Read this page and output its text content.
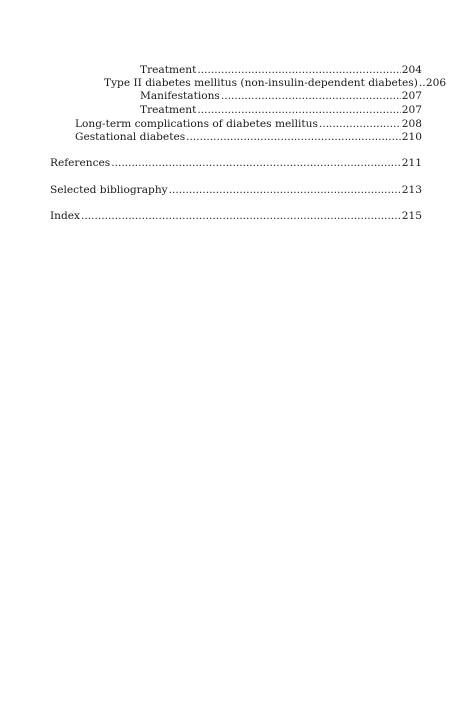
Treatment .....	204
Type II diabetes mellitus (non-insulin-dependent diabetes) ..... 206
Manifestations .....	207
Treatment .....	207
Long-term complications of diabetes mellitus .....	208
Gestational diabetes .....	210
References .....	211
Selected bibliography .....	213
Index .....	215
